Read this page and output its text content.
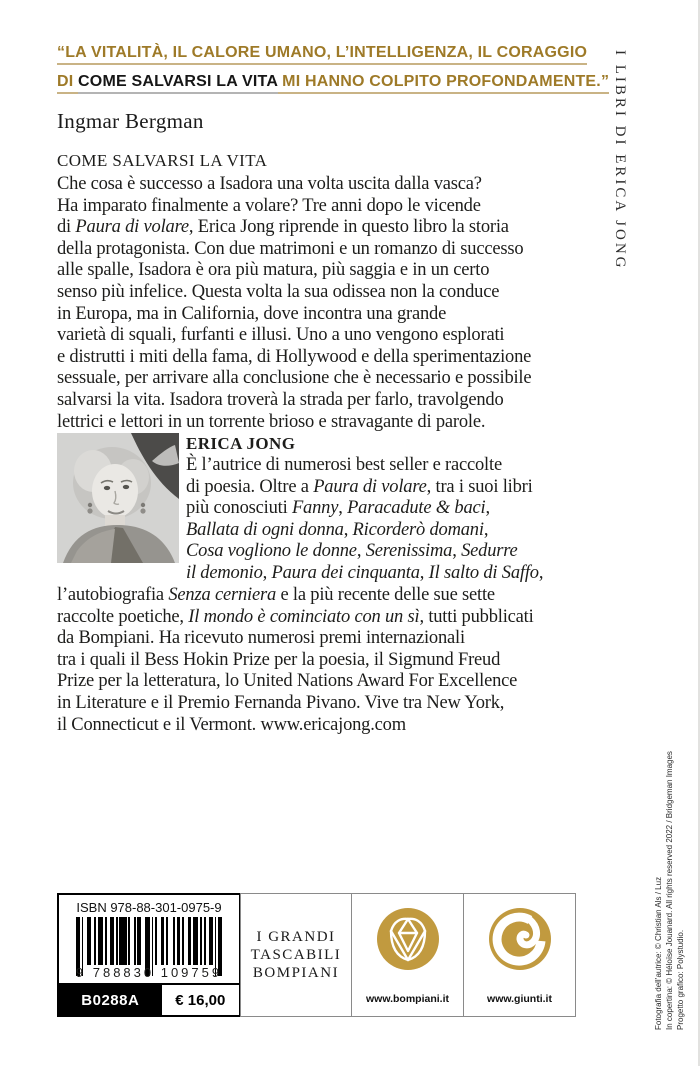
“LA VITALITÀ, IL CALORE UMANO, L’INTELLIGENZA, IL CORAGGIO
DI COME SALVARSI LA VITA MI HANNO COLPITO PROFONDAMENTE.”
Ingmar Bergman	I LIBRI DI ERICA JONG
COME SALVARSI LA VITA
Che cosa è successo a Isadora una volta uscita dalla vasca?
Ha imparato finalmente a volare? Tre anni dopo le vicende
di Paura di volare, Erica Jong riprende in questo libro la storia
della protagonista. Con due matrimoni e un romanzo di successo
alle spalle, Isadora è ora più matura, più saggia e in un certo
senso più infelice. Questa volta la sua odissea non la conduce
in Europa, ma in California, dove incontra una grande
varietà di squali, furfanti e illusi. Uno a uno vengono esplorati
e distrutti i miti della fama, di Hollywood e della sperimentazione
sessuale, per arrivare alla conclusione che è necessario e possibile
salvarsi la vita. Isadora troverà la strada per farlo, travolgendo
lettrici e lettori in un torrente brioso e stravagante di parole.
ERICA JONG
È l’autrice di numerosi best seller e raccolte
di poesia. Oltre a Paura di volare, tra i suoi libri
più conosciuti Fanny, Paracadute & baci,
Ballata di ogni donna, Ricorderò domani,
Cosa vogliono le donne, Serenissima, Sedurre
il demonio, Paura dei cinquanta, Il salto di Saffo,
l’autobiografia Senza cerniera e la più recente delle sue sette
raccolte poetiche, Il mondo è cominciato con un sì, tutti pubblicati
da Bompiani. Ha ricevuto numerosi premi internazionali
tra i quali il Bess Hokin Prize per la poesia, il Sigmund Freud
Prize per la letteratura, lo United Nations Award For Excellence
in Literature e il Premio Fernanda Pivano. Vive tra New York,
il Connecticut e il Vermont. www.ericajong.com
ISBN 978-88-301-0975-9
9 788830 109759
B0288A	€ 16,00
I GRANDI
TASCABILI
BOMPIANI
www.bompiani.it	www.giunti.it	Fotografia dell’autrice: © Christian Als / Luz In copertina: © Héloïse Jouanard. All rights reserved 2022 / Bridgeman Images Progetto grafico: Polystudio.
